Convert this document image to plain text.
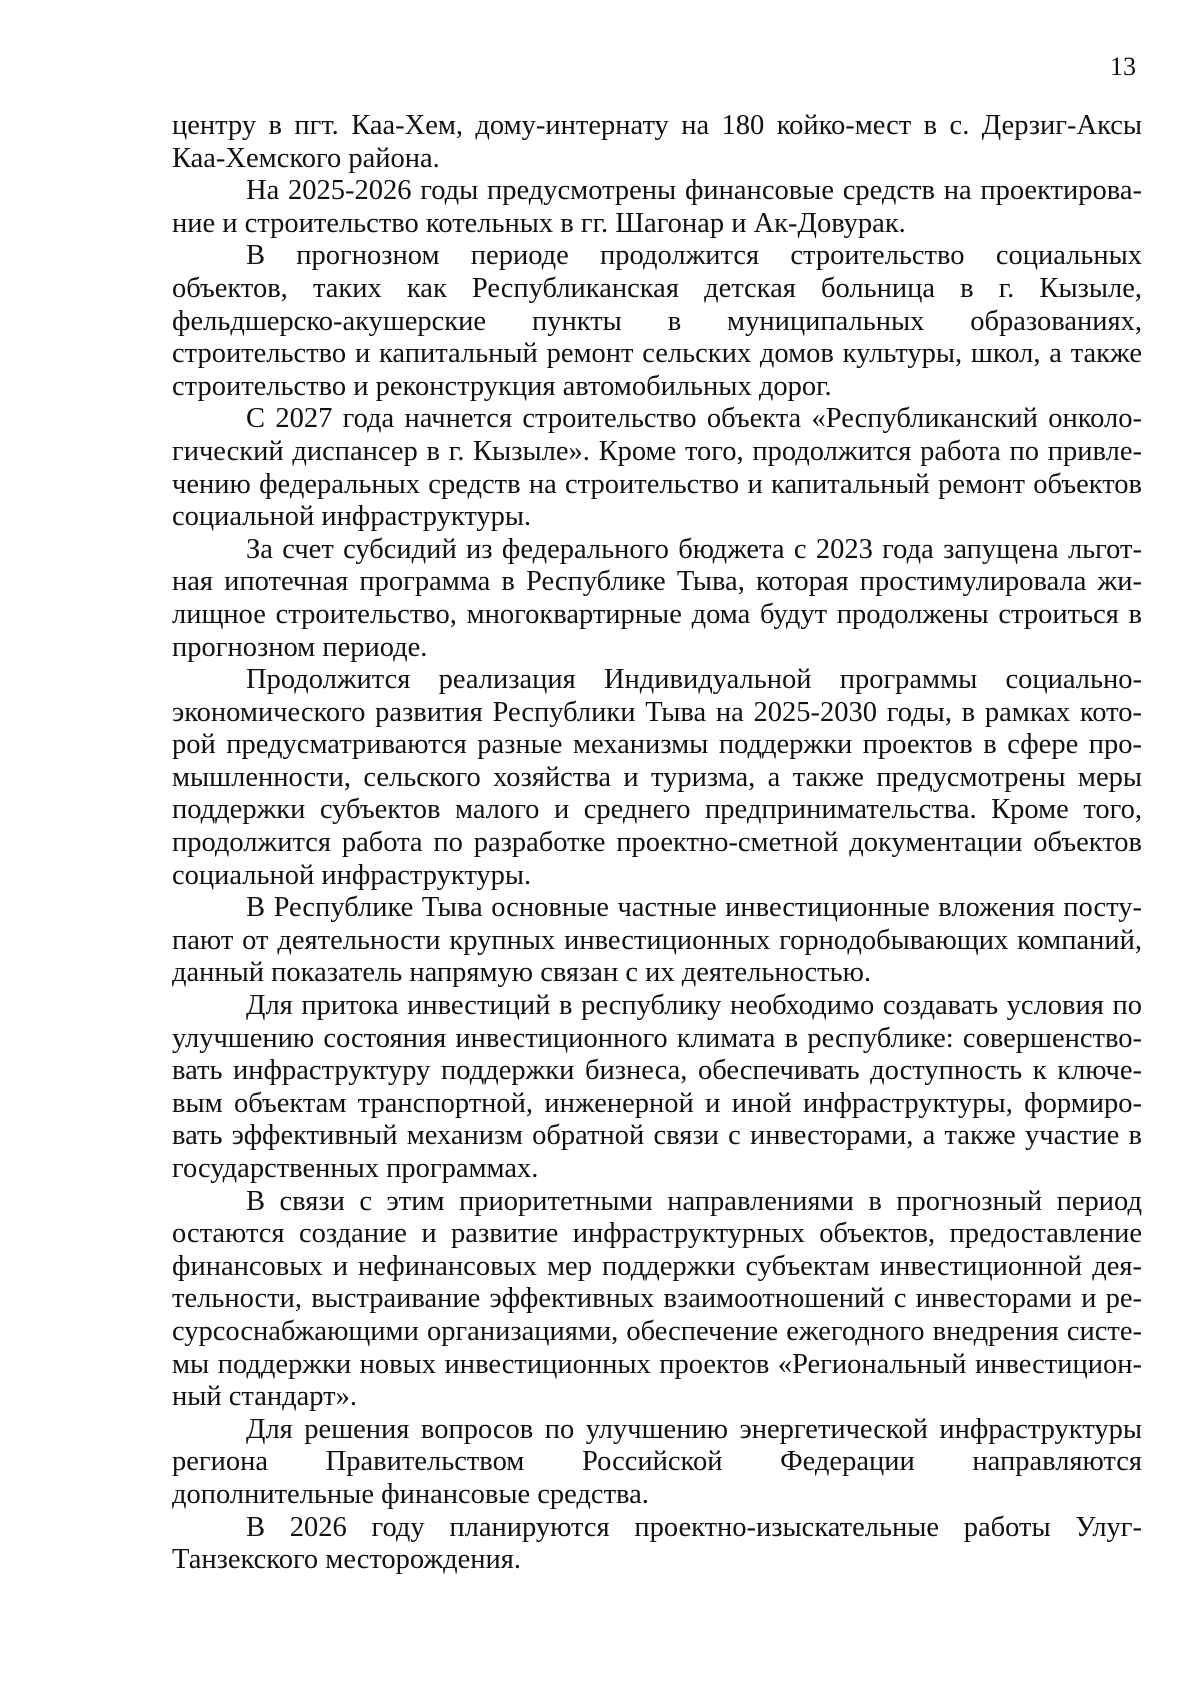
13

центру в пгт. Каа-Хем, дому-интернату на 180 койко-мест в с. Дерзиг-Аксы Каа-Хемского района.

На 2025-2026 годы предусмотрены финансовые средств на проектирование и строительство котельных в гг. Шагонар и Ак-Довурак.

В прогнозном периоде продолжится строительство социальных объектов, таких как Республиканская детская больница в г. Кызыле, фельдшерско-акушерские пункты в муниципальных образованиях, строительство и капитальный ремонт сельских домов культуры, школ, а также строительство и реконструкция автомобильных дорог.

С 2027 года начнется строительство объекта «Республиканский онкологический диспансер в г. Кызыле». Кроме того, продолжится работа по привлечению федеральных средств на строительство и капитальный ремонт объектов социальной инфраструктуры.

За счет субсидий из федерального бюджета с 2023 года запущена льготная ипотечная программа в Республике Тыва, которая простимулировала жилищное строительство, многоквартирные дома будут продолжены строиться в прогнозном периоде.

Продолжится реализация Индивидуальной программы социально-экономического развития Республики Тыва на 2025-2030 годы, в рамках которой предусматриваются разные механизмы поддержки проектов в сфере промышленности, сельского хозяйства и туризма, а также предусмотрены меры поддержки субъектов малого и среднего предпринимательства. Кроме того, продолжится работа по разработке проектно-сметной документации объектов социальной инфраструктуры.

В Республике Тыва основные частные инвестиционные вложения поступают от деятельности крупных инвестиционных горнодобывающих компаний, данный показатель напрямую связан с их деятельностью.

Для притока инвестиций в республику необходимо создавать условия по улучшению состояния инвестиционного климата в республике: совершенствовать инфраструктуру поддержки бизнеса, обеспечивать доступность к ключевым объектам транспортной, инженерной и иной инфраструктуры, формировать эффективный механизм обратной связи с инвесторами, а также участие в государственных программах.

В связи с этим приоритетными направлениями в прогнозный период остаются создание и развитие инфраструктурных объектов, предоставление финансовых и нефинансовых мер поддержки субъектам инвестиционной деятельности, выстраивание эффективных взаимоотношений с инвесторами и ресурсоснабжающими организациями, обеспечение ежегодного внедрения системы поддержки новых инвестиционных проектов «Региональный инвестиционный стандарт».

Для решения вопросов по улучшению энергетической инфраструктуры региона Правительством Российской Федерации направляются дополнительные финансовые средства.

В 2026 году планируются проектно-изыскательные работы Улуг-Танзекского месторождения.
